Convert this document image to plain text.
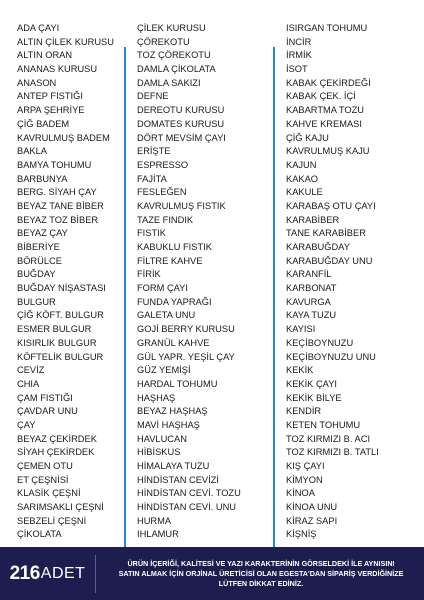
ADA ÇAYI
ALTIN ÇİLEK KURUSU
ALTIN ORAN
ANANAS KURUSU
ANASON
ANTEP FISTIĞI
ARPA ŞEHRİYE
ÇİĞ BADEM
KAVRULMUŞ BADEM
BAKLA
BAMYA TOHUMU
BARBUNYA
BERG. SİYAH ÇAY
BEYAZ TANE BİBER
BEYAZ TOZ BİBER
BEYAZ ÇAY
BİBERİYE
BÖRÜLCE
BUĞDAY
BUĞDAY NİŞASTASI
BULGUR
ÇİĞ KÖFT. BULGUR
ESMER BULGUR
KISIRLIK BULGUR
KÖFTELİK BULGUR
CEVİZ
CHIA
ÇAM FISTIĞI
ÇAVDAR UNU
ÇAY
BEYAZ ÇEKİRDEK
SİYAH ÇEKİRDEK
ÇEMEN OTU
ET ÇEŞNİSİ
KLASİK ÇEŞNİ
SARIMSAKLI ÇEŞNİ
SEBZELİ ÇEŞNİ
ÇİKOLATA
ÇİLEK KURUSU
ÇÖREKOTU
TOZ ÇÖREKOTU
DAMLA ÇİKOLATA
DAMLA SAKIZI
DEFNE
DEREOTU KURUSU
DOMATES KURUSU
DÖRT MEVSİM ÇAYI
ERİŞTE
ESPRESSO
FAJİTA
FESLEĞEN
KAVRULMUŞ FISTIK
TAZE FINDIK
FISTIK
KABUKLU FISTIK
FİLTRE KAHVE
FİRİK
FORM ÇAYI
FUNDA YAPRAĞI
GALETA UNU
GOJİ BERRY KURUSU
GRANÜL KAHVE
GÜL YAPR. YEŞİL ÇAY
GÜZ YEMİŞİ
HARDAL TOHUMU
HAŞHAŞ
BEYAZ HAŞHAŞ
MAVİ HAŞHAŞ
HAVLUCAN
HİBİSKUS
HİMALAYA TUZU
HİNDİSTAN CEVİZİ
HİNDİSTAN CEVİ. TOZU
HİNDİSTAN CEVİ. UNU
HURMA
IHLAMUR
ISIRGAN TOHUMU
İNCİR
İRMİK
İSOT
KABAK ÇEKİRDEĞİ
KABAK ÇEK. İÇİ
KABARTMA TOZU
KAHVE KREMASI
ÇİĞ KAJU
KAVRULMUŞ KAJU
KAJUN
KAKAO
KAKULE
KARABAŞ OTU ÇAYI
KARABİBER
TANE KARABİBER
KARABUĞDAY
KARABUĞDAY UNU
KARANFİL
KARBONAT
KAVURGA
KAYA TUZU
KAYISI
KEÇİBOYNUZU
KEÇİBOYNUZU UNU
KEKİK
KEKİK ÇAYI
KEKİK BİLYE
KENDİR
KETEN TOHUMU
TOZ KIRMIZI B. ACI
TOZ KIRMIZI B. TATLI
KIŞ ÇAYI
KİMYON
KİNOA
KİNOA UNU
KİRAZ SAPI
KİŞNİŞ
216 ADET
ÜRÜN İÇERİĞİ, KALİTESİ VE YAZI KARAKTERİNİN GÖRSELDEKİ İLE AYNISINI
SATIN ALMAK İÇİN ORJİNAL ÜRETİCİSİ OLAN EGESTA'DAN SİPARİŞ VERDİĞİNİZE
LÜTFEN DİKKAT EDİNİZ.
